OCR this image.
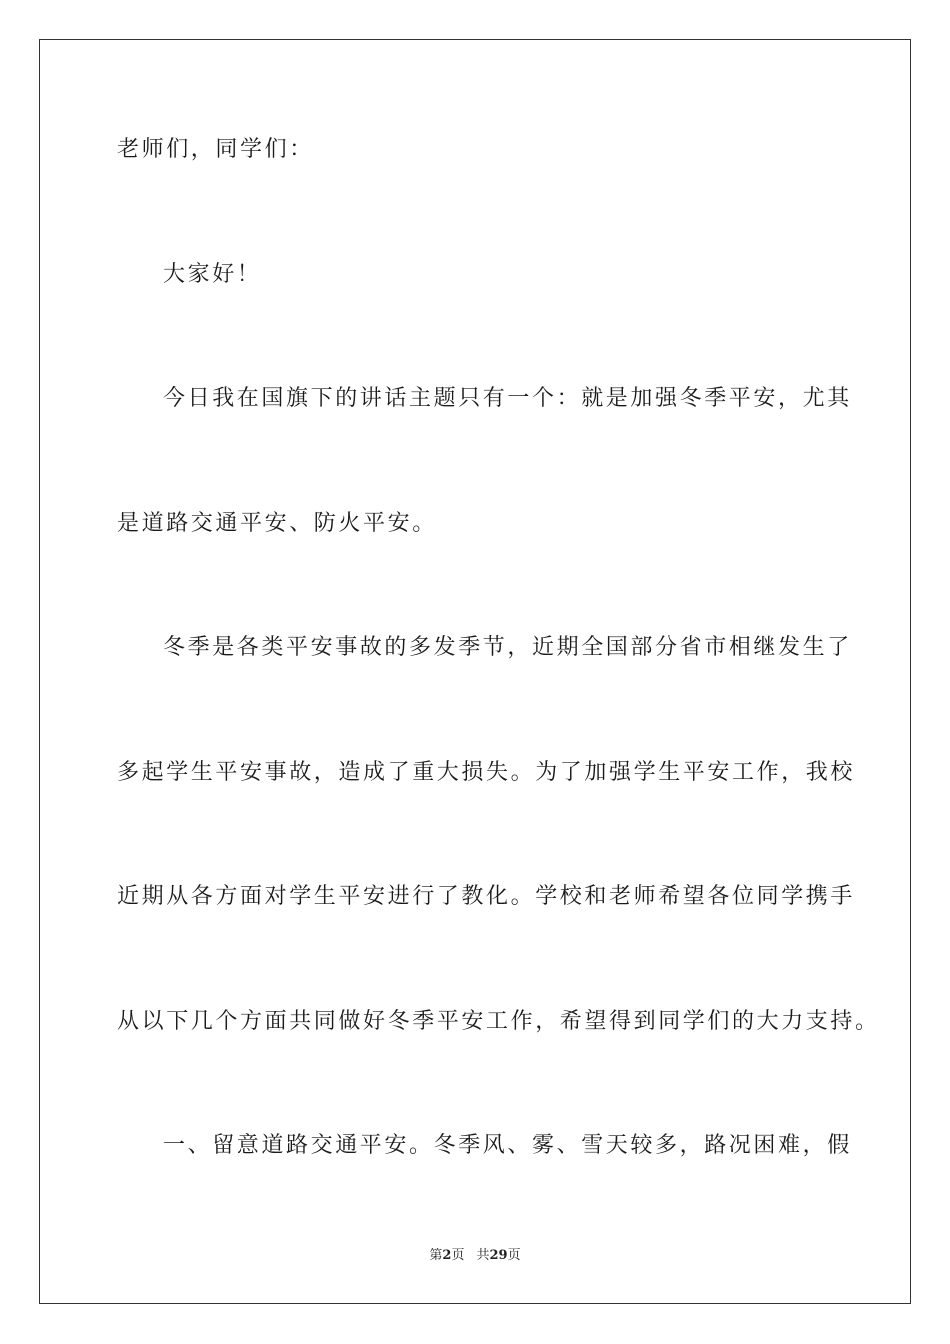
老师们，同学们：
大家好！
今日我在国旗下的讲话主题只有一个：就是加强冬季平安，尤其
是道路交通平安、防火平安。
冬季是各类平安事故的多发季节，近期全国部分省市相继发生了
多起学生平安事故，造成了重大损失。为了加强学生平安工作，我校
近期从各方面对学生平安进行了教化。学校和老师希望各位同学携手
从以下几个方面共同做好冬季平安工作，希望得到同学们的大力支持。
一、留意道路交通平安。冬季风、雾、雪天较多，路况困难，假
第2页 共29页
